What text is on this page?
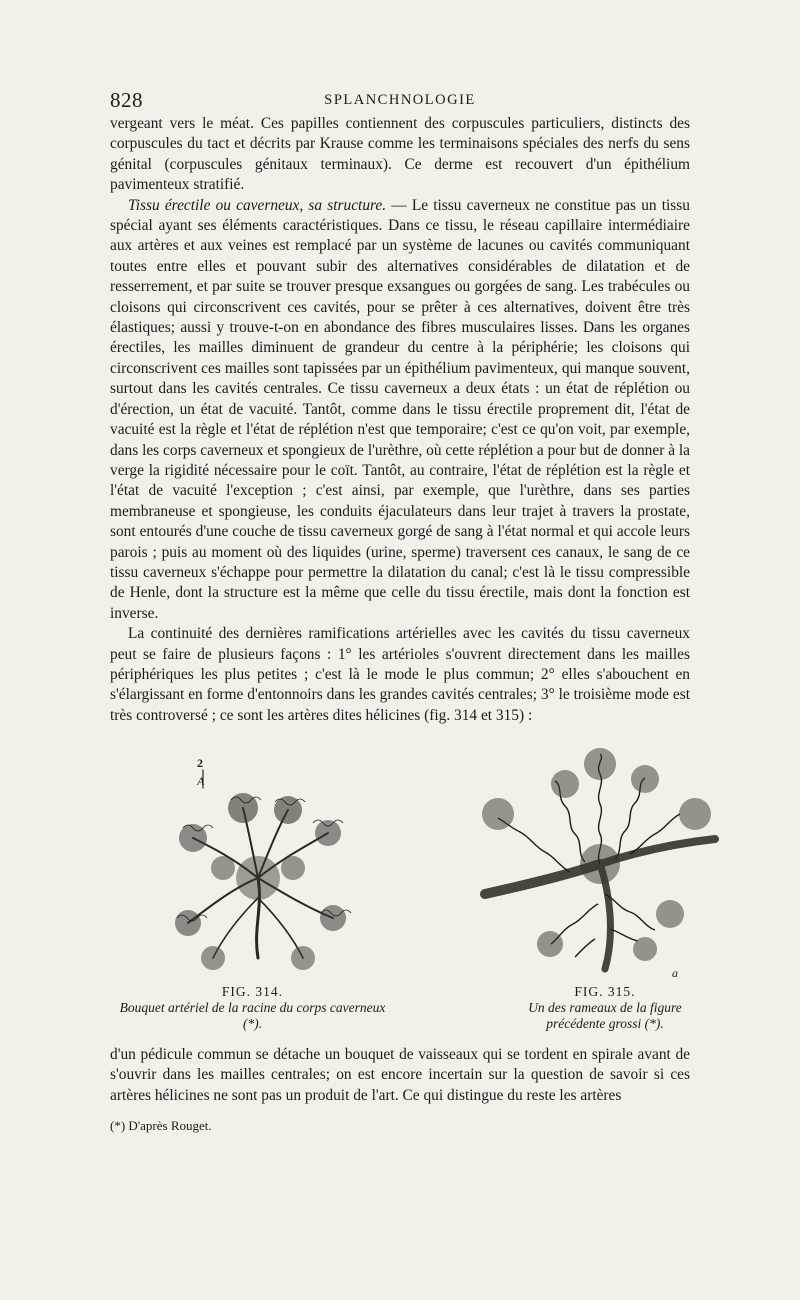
828	SPLANCHNOLOGIE

vergeant vers le méat. Ces papilles contiennent des corpuscules particuliers, distincts des corpuscules du tact et décrits par Krause comme les terminaisons spéciales des nerfs du sens génital (corpuscules génitaux terminaux). Ce derme est recouvert d'un épithélium pavimenteux stratifié.

Tissu érectile ou caverneux, sa structure. — Le tissu caverneux ne constitue pas un tissu spécial ayant ses éléments caractéristiques. Dans ce tissu, le réseau capillaire intermédiaire aux artères et aux veines est remplacé par un système de lacunes ou cavités communiquant toutes entre elles et pouvant subir des alternatives considérables de dilatation et de resserrement, et par suite se trouver presque exsangues ou gorgées de sang. Les trabécules ou cloisons qui circonscrivent ces cavités, pour se prêter à ces alternatives, doivent être très élastiques; aussi y trouve-t-on en abondance des fibres musculaires lisses. Dans les organes érectiles, les mailles diminuent de grandeur du centre à la périphérie; les cloisons qui circonscrivent ces mailles sont tapissées par un épithélium pavimenteux, qui manque souvent, surtout dans les cavités centrales. Ce tissu caverneux a deux états : un état de réplétion ou d'érection, un état de vacuité. Tantôt, comme dans le tissu érectile proprement dit, l'état de vacuité est la règle et l'état de réplétion n'est que temporaire; c'est ce qu'on voit, par exemple, dans les corps caverneux et spongieux de l'urèthre, où cette réplétion a pour but de donner à la verge la rigidité nécessaire pour le coït. Tantôt, au contraire, l'état de réplétion est la règle et l'état de vacuité l'exception ; c'est ainsi, par exemple, que l'urèthre, dans ses parties membraneuse et spongieuse, les conduits éjaculateurs dans leur trajet à travers la prostate, sont entourés d'une couche de tissu caverneux gorgé de sang à l'état normal et qui accole leurs parois ; puis au moment où des liquides (urine, sperme) traversent ces canaux, le sang de ce tissu caverneux s'échappe pour permettre la dilatation du canal; c'est là le tissu compressible de Henle, dont la structure est la même que celle du tissu érectile, mais dont la fonction est inverse.

La continuité des dernières ramifications artérielles avec les cavités du tissu caverneux peut se faire de plusieurs façons : 1° les artérioles s'ouvrent directement dans les mailles périphériques les plus petites ; c'est là le mode le plus commun; 2° elles s'abouchent en s'élargissant en forme d'entonnoirs dans les grandes cavités centrales; 3° le troisième mode est très controversé ; ce sont les artères dites hélicines (fig. 314 et 315) :

2
A
a
FIG. 314.
Bouquet artériel de la racine du corps caverneux (*).
FIG. 315.
Un des rameaux de la figure précédente grossi (*).

d'un pédicule commun se détache un bouquet de vaisseaux qui se tordent en spirale avant de s'ouvrir dans les mailles centrales; on est encore incertain sur la question de savoir si ces artères hélicines ne sont pas un produit de l'art. Ce qui distingue du reste les artères

(*) D'après Rouget.
